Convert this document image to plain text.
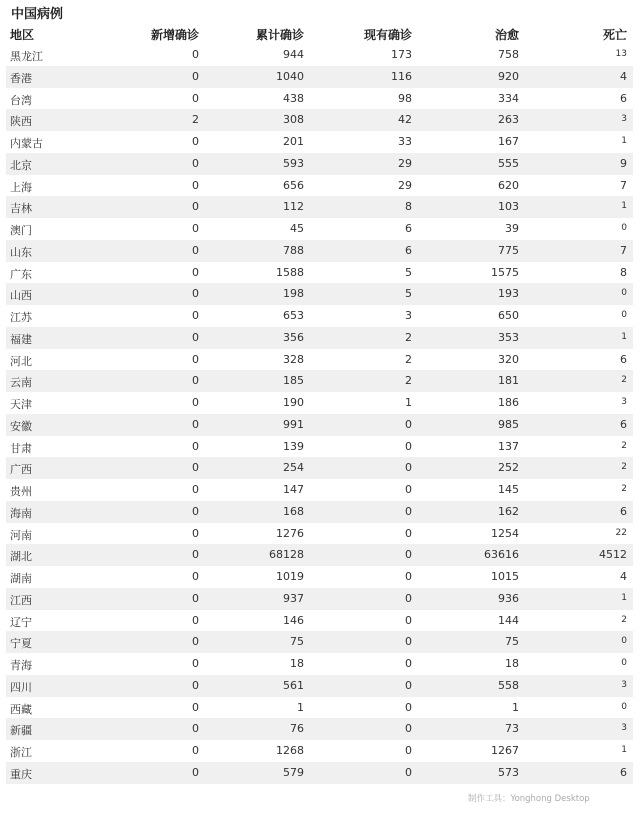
中国病例
地区	新增确诊	累计确诊	现有确诊	治愈	死亡
黑龙江	0	944	173	758	13
香港	0	1040	116	920	4
台湾	0	438	98	334	6
陕西	2	308	42	263	3
内蒙古	0	201	33	167	1
北京	0	593	29	555	9
上海	0	656	29	620	7
吉林	0	112	8	103	1
澳门	0	45	6	39	0
山东	0	788	6	775	7
广东	0	1588	5	1575	8
山西	0	198	5	193	0
江苏	0	653	3	650	0
福建	0	356	2	353	1
河北	0	328	2	320	6
云南	0	185	2	181	2
天津	0	190	1	186	3
安徽	0	991	0	985	6
甘肃	0	139	0	137	2
广西	0	254	0	252	2
贵州	0	147	0	145	2
海南	0	168	0	162	6
河南	0	1276	0	1254	22
湖北	0	68128	0	63616	4512
湖南	0	1019	0	1015	4
江西	0	937	0	936	1
辽宁	0	146	0	144	2
宁夏	0	75	0	75	0
青海	0	18	0	18	0
四川	0	561	0	558	3
西藏	0	1	0	1	0
新疆	0	76	0	73	3
浙江	0	1268	0	1267	1
重庆	0	579	0	573	6
制作工具：Yonghong Desktop
